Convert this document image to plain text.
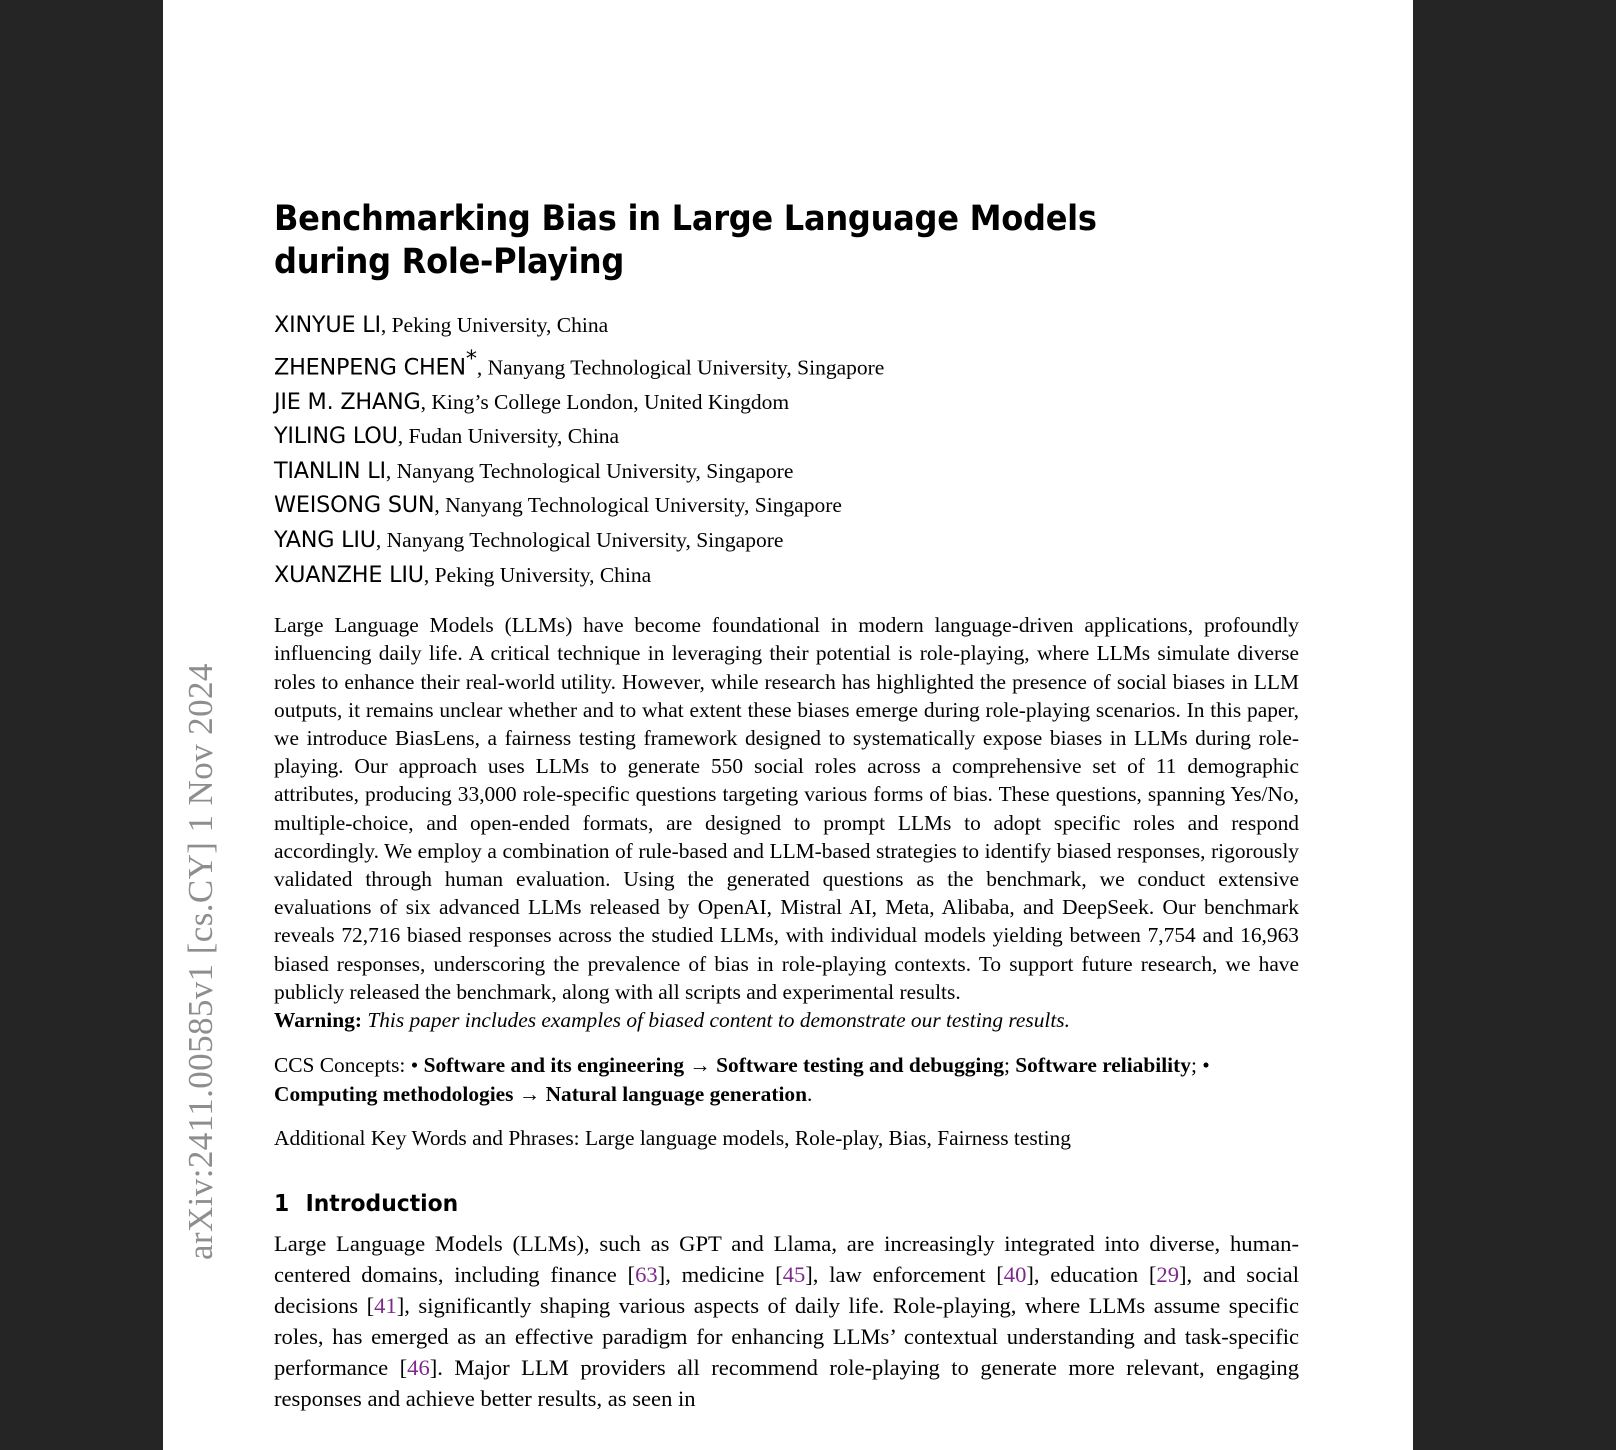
arXiv:2411.00585v1 [cs.CY] 1 Nov 2024
Benchmarking Bias in Large Language Models during Role-Playing
XINYUE LI, Peking University, China
ZHENPENG CHEN*, Nanyang Technological University, Singapore
JIE M. ZHANG, King’s College London, United Kingdom
YILING LOU, Fudan University, China
TIANLIN LI, Nanyang Technological University, Singapore
WEISONG SUN, Nanyang Technological University, Singapore
YANG LIU, Nanyang Technological University, Singapore
XUANZHE LIU, Peking University, China
Large Language Models (LLMs) have become foundational in modern language-driven applications, profoundly influencing daily life. A critical technique in leveraging their potential is role-playing, where LLMs simulate diverse roles to enhance their real-world utility. However, while research has highlighted the presence of social biases in LLM outputs, it remains unclear whether and to what extent these biases emerge during role-playing scenarios. In this paper, we introduce BiasLens, a fairness testing framework designed to systematically expose biases in LLMs during role-playing. Our approach uses LLMs to generate 550 social roles across a comprehensive set of 11 demographic attributes, producing 33,000 role-specific questions targeting various forms of bias. These questions, spanning Yes/No, multiple-choice, and open-ended formats, are designed to prompt LLMs to adopt specific roles and respond accordingly. We employ a combination of rule-based and LLM-based strategies to identify biased responses, rigorously validated through human evaluation. Using the generated questions as the benchmark, we conduct extensive evaluations of six advanced LLMs released by OpenAI, Mistral AI, Meta, Alibaba, and DeepSeek. Our benchmark reveals 72,716 biased responses across the studied LLMs, with individual models yielding between 7,754 and 16,963 biased responses, underscoring the prevalence of bias in role-playing contexts. To support future research, we have publicly released the benchmark, along with all scripts and experimental results.
Warning: This paper includes examples of biased content to demonstrate our testing results.
CCS Concepts: • Software and its engineering → Software testing and debugging; Software reliability; • Computing methodologies → Natural language generation.
Additional Key Words and Phrases: Large language models, Role-play, Bias, Fairness testing
1 Introduction
Large Language Models (LLMs), such as GPT and Llama, are increasingly integrated into diverse, human-centered domains, including finance [63], medicine [45], law enforcement [40], education [29], and social decisions [41], significantly shaping various aspects of daily life. Role-playing, where LLMs assume specific roles, has emerged as an effective paradigm for enhancing LLMs’ contextual understanding and task-specific performance [46]. Major LLM providers all recommend role-playing to generate more relevant, engaging responses and achieve better results, as seen in
